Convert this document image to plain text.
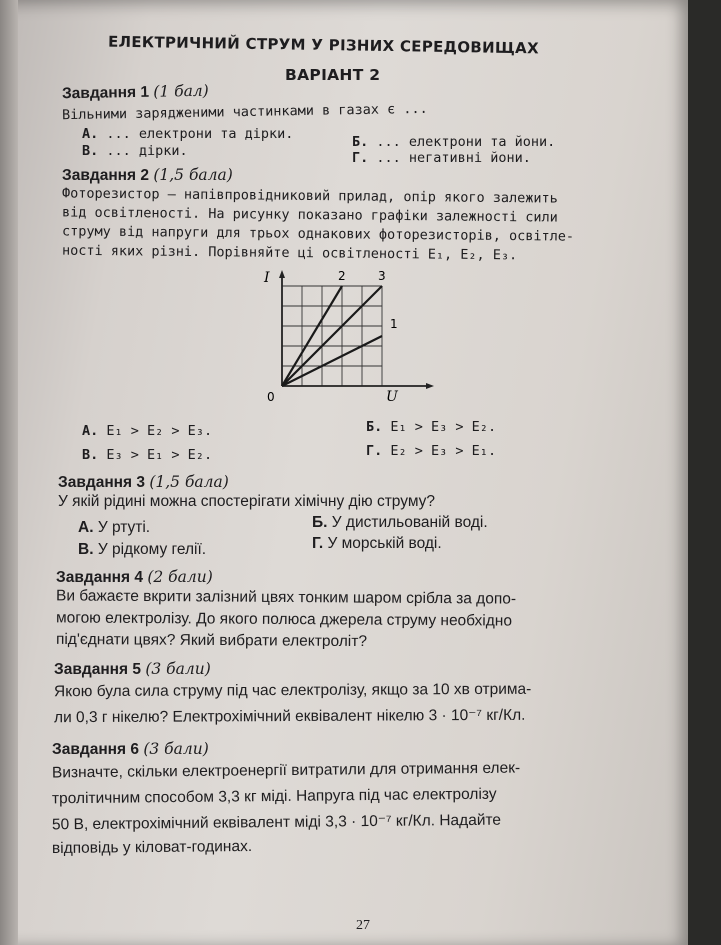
ЕЛЕКТРИЧНИЙ СТРУМ У РІЗНИХ СЕРЕДОВИЩАХ
ВАРІАНТ 2
Завдання 1 (1 бал)
Вільними зарядженими частинками в газах є ...
А. ... електрони та дірки.
В. ... дірки.
Б. ... електрони та йони.
Г. ... негативні йони.
Завдання 2 (1,5 бала)
Фоторезистор — напівпровідниковий прилад, опір якого залежить
від освітленості. На рисунку показано графіки залежності сили
струму від напруги для трьох однакових фоторезисторів, освітле-
ності яких різні. Порівняйте ці освітленості E₁, E₂, E₃.
2	3
1
I
U
0
А. E₁ > E₂ > E₃.
В. E₃ > E₁ > E₂.
Б. E₁ > E₃ > E₂.
Г. E₂ > E₃ > E₁.
Завдання 3 (1,5 бала)
У якій рідині можна спостерігати хімічну дію струму?
А. У ртуті.
В. У рідкому гелії.
Б. У дистильованій воді.
Г. У морській воді.
Завдання 4 (2 бали)
Ви бажаєте вкрити залізний цвях тонким шаром срібла за допо-
могою електролізу. До якого полюса джерела струму необхідно
під'єднати цвях? Який вибрати електроліт?
Завдання 5 (3 бали)
Якою була сила струму під час електролізу, якщо за 10 хв отрима-
ли 0,3 г нікелю? Електрохімічний еквівалент нікелю 3 · 10⁻⁷ кг/Кл.
Завдання 6 (3 бали)
Визначте, скільки електроенергії витратили для отримання елек-
тролітичним способом 3,3 кг міді. Напруга під час електролізу
50 В, електрохімічний еквівалент міді 3,3 · 10⁻⁷ кг/Кл. Надайте
відповідь у кіловат-годинах.
27
